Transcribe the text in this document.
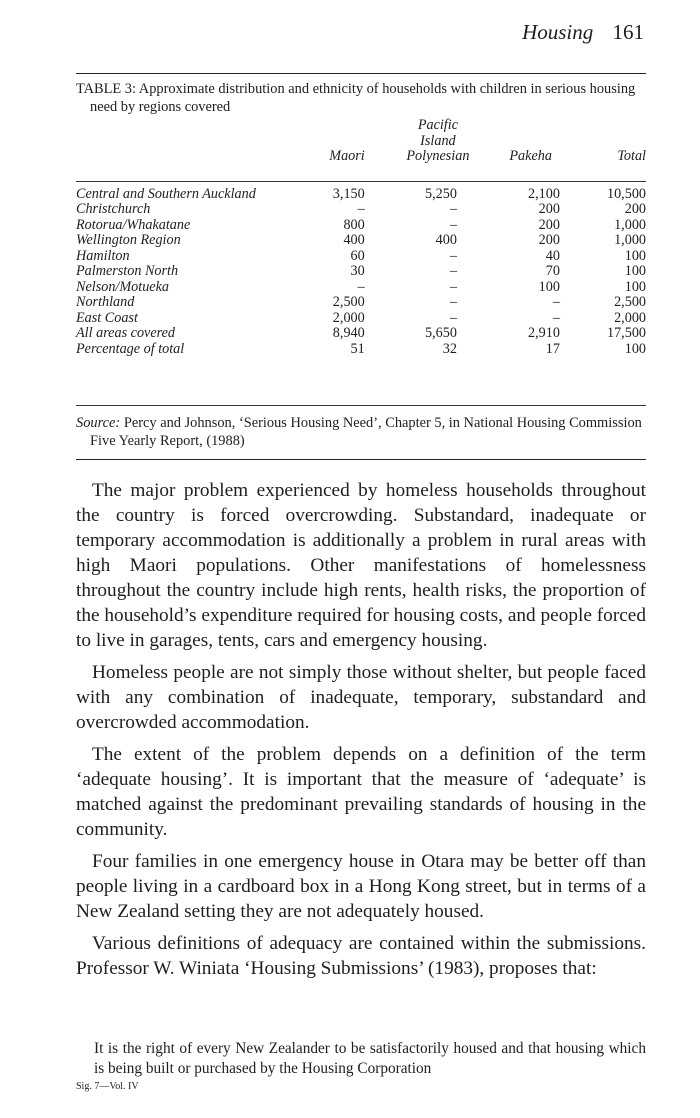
Housing 161
TABLE 3: Approximate distribution and ethnicity of households with children in serious housing need by regions covered
	Maori	Pacific Island Polynesian	Pakeha	Total
Central and Southern Auckland	3,150	5,250	2,100	10,500
Christchurch	–	–	200	200
Rotorua/Whakatane	800	–	200	1,000
Wellington Region	400	400	200	1,000
Hamilton	60	–	40	100
Palmerston North	30	–	70	100
Nelson/Motueka	–	–	100	100
Northland	2,500	–	–	2,500
East Coast	2,000	–	–	2,000
All areas covered	8,940	5,650	2,910	17,500
Percentage of total	51	32	17	100
Source: Percy and Johnson, ‘Serious Housing Need’, Chapter 5, in National Housing Commission Five Yearly Report, (1988)

The major problem experienced by homeless households throughout the country is forced overcrowding. Substandard, inadequate or temporary accommodation is additionally a problem in rural areas with high Maori populations. Other manifestations of homelessness throughout the country include high rents, health risks, the proportion of the household’s expenditure required for housing costs, and people forced to live in garages, tents, cars and emergency housing.

Homeless people are not simply those without shelter, but people faced with any combination of inadequate, temporary, substandard and overcrowded accommodation.

The extent of the problem depends on a definition of the term ‘adequate housing’. It is important that the measure of ‘adequate’ is matched against the predominant prevailing standards of housing in the community.

Four families in one emergency house in Otara may be better off than people living in a cardboard box in a Hong Kong street, but in terms of a New Zealand setting they are not adequately housed.

Various definitions of adequacy are contained within the submissions. Professor W. Winiata ‘Housing Submissions’ (1983), proposes that:

It is the right of every New Zealander to be satisfactorily housed and that housing which is being built or purchased by the Housing Corporation
Sig. 7—Vol. IV
